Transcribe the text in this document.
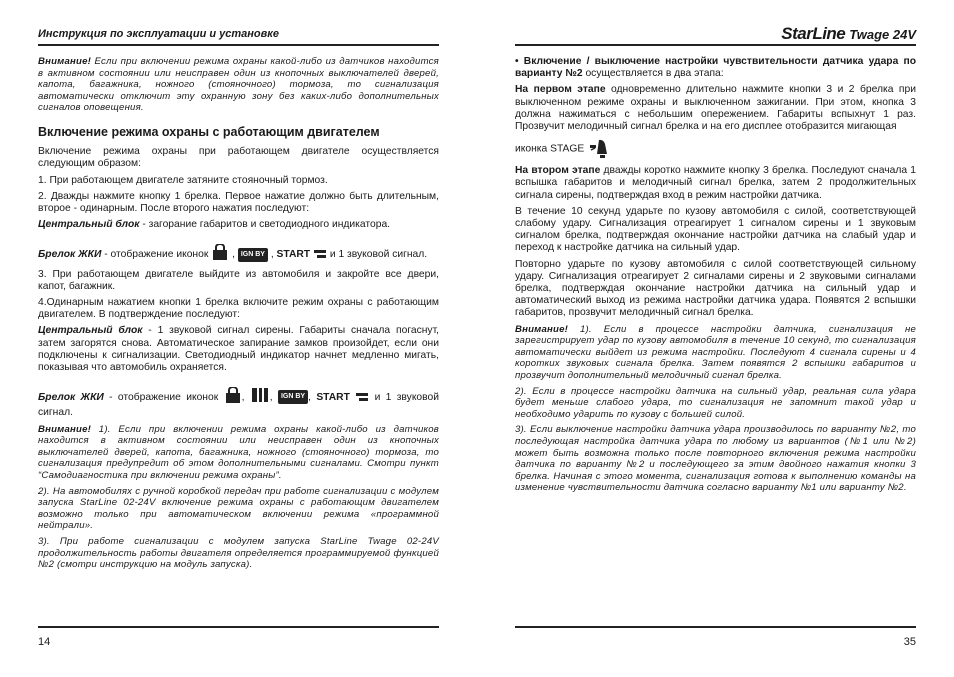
Инструкция по эксплуатации и установке

Внимание! Если при включении режима охраны какой-либо из датчиков находится в активном состоянии или неисправен один из кнопочных выключателей дверей, капота, багажника, ножного (стояночного) тормоза, то сигнализация автоматически отключит эту охранную зону без каких-либо дополнительных сигналов оповещения.

Включение режима охраны с работающим двигателем

Включение режима охраны при работающем двигателе осуществляется следующим образом:

1. При работающем двигателе затяните стояночный тормоз.

2. Дважды нажмите кнопку 1 брелка. Первое нажатие должно быть длительным, второе - одинарным. После второго нажатия последуют:

Центральный блок - загорание габаритов и светодиодного индикатора.

Брелок ЖКИ - отображение иконок  , IGN BY , START и 1 звуковой сигнал.

3. При работающем двигателе выйдите из автомобиля и закройте все двери, капот, багажник.

4.Одинарным нажатием кнопки 1 брелка включите режим охраны с работающим двигателем. В подтверждение последуют:

Центральный блок - 1 звуковой сигнал сирены. Габариты сначала погаснут, затем загорятся снова. Автоматическое запирание замков произойдет, если они подключены к сигнализации. Светодиодный индикатор начнет медленно мигать, показывая что автомобиль охраняется.

Брелок ЖКИ - отображение иконок , , IGN BY , START и 1 звуковой сигнал.

Внимание! 1). Если при включении режима охраны какой-либо из датчиков находится в активном состоянии или неисправен один из кнопочных выключателей дверей, капота, багажника, ножного (стояночного) тормоза, то сигнализация предупредит об этом дополнительными сигналами. Смотри пункт “Самодиагностика при включении режима охраны”.

2). На автомобилях с ручной коробкой передач при работе сигнализации с модулем запуска StarLine 02-24V включение режима охраны с работающим двигателем возможно только при автоматическом включении режима «программной нейтрали».

3). При работе сигнализации с модулем запуска StarLine Twage 02-24V продолжительность работы двигателя определяется программируемой функцией №2 (смотри инструкцию на модуль запуска).

14
StarLine Twage 24V

• Включение / выключение настройки чувствительности датчика удара по варианту №2 осуществляется в два этапа:

На первом этапе одновременно длительно нажмите кнопки 3 и 2 брелка при выключенном режиме охраны и выключенном зажигании. При этом, кнопка 3 должна нажиматься с небольшим опережением. Габариты вспыхнут 1 раз. Прозвучит мелодичный сигнал брелка и на его дисплее отобразится мигающая

иконка STAGE

На втором этапе дважды коротко нажмите кнопку 3 брелка. Последуют сначала 1 вспышка габаритов и мелодичный сигнал брелка, затем 2 продолжительных сигнала сирены, подтверждая вход в режим настройки датчика.

В течение 10 секунд ударьте по кузову автомобиля с силой, соответствующей слабому удару. Сигнализация отреагирует 1 сигналом сирены и 1 звуковым сигналом брелка, подтверждая окончание настройки датчика на слабый удар и переход к настройке датчика на сильный удар.

Повторно ударьте по кузову автомобиля с силой соответствующей сильному удару. Сигнализация отреагирует 2 сигналами сирены и 2 звуковыми сигналами брелка, подтверждая окончание настройки датчика на сильный удар и автоматический выход из режима настройки датчика удара. Появятся 2 вспышки габаритов, прозвучит мелодичный сигнал брелка.

Внимание! 1). Если в процессе настройки датчика, сигнализация не зарегистрирует удар по кузову автомобиля в течение 10 секунд, то сигнализация автоматически выйдет из режима настройки. Последуют 4 сигнала сирены и 4 коротких звуковых сигнала брелка. Затем появятся 2 вспышки габаритов и прозвучит дополнительный мелодичный сигнал брелка.

2). Если в процессе настройки датчика на сильный удар, реальная сила удара будет меньше слабого удара, то сигнализация не запомнит такой удар и необходимо ударить по кузову с большей силой.

3). Если выключение настройки датчика удара производилось по варианту №2, то последующая настройка датчика удара по любому из вариантов (№1 или №2) может быть возможна только после повторного включения режима настройки датчика по варианту №2 и последующего за этим двойного нажатия кнопки 3 брелка. Начиная с этого момента, сигнализация готова к выполнению команды на изменение чувствительности датчика согласно варианту №1 или варианту №2.

35
